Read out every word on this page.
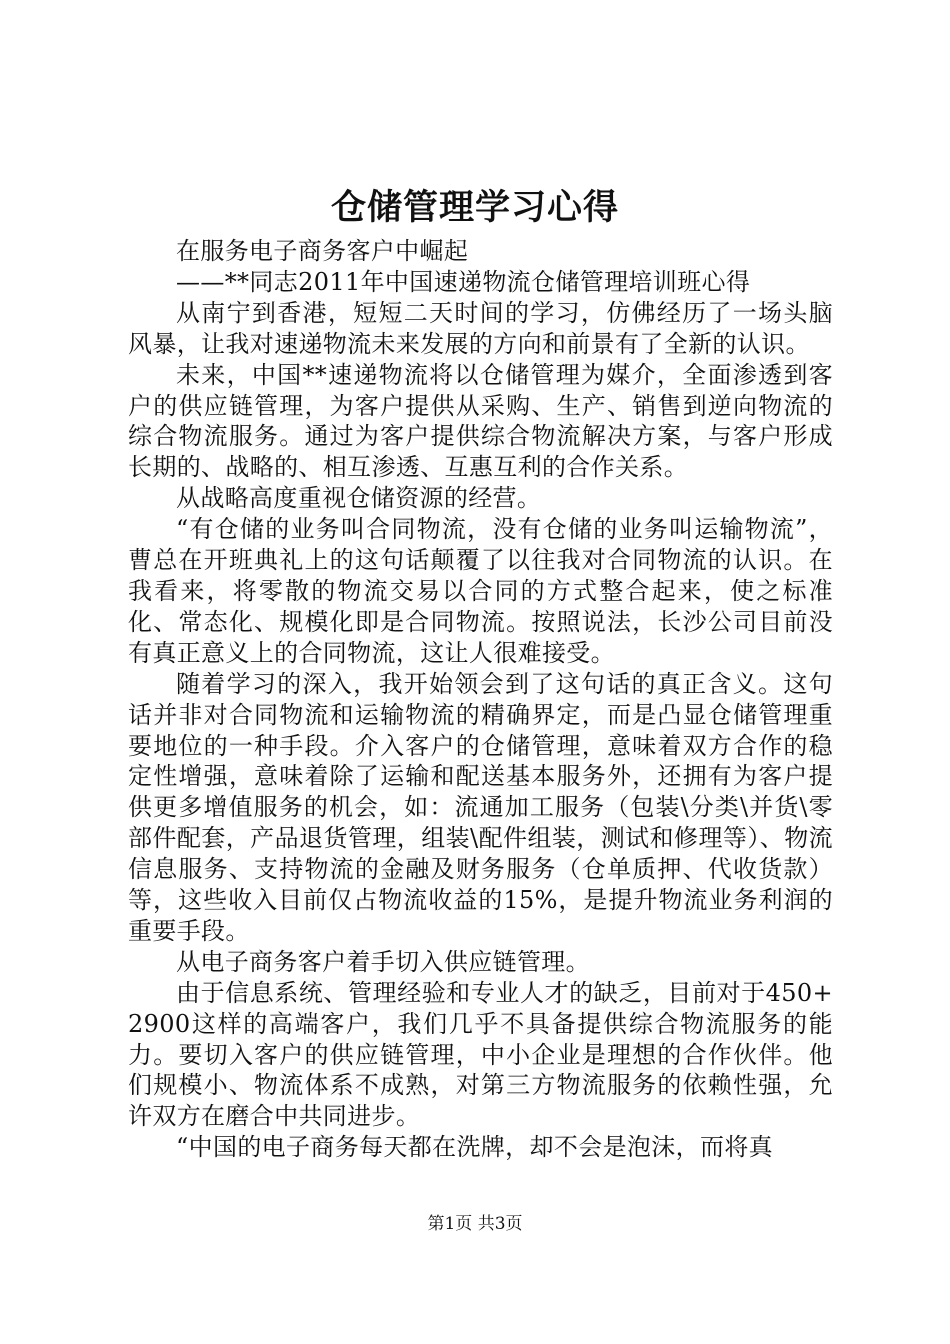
仓储管理学习心得

在服务电子商务客户中崛起

——**同志2011年中国速递物流仓储管理培训班心得

从南宁到香港，短短二天时间的学习，仿佛经历了一场头脑风暴，让我对速递物流未来发展的方向和前景有了全新的认识。

未来，中国**速递物流将以仓储管理为媒介，全面渗透到客户的供应链管理，为客户提供从采购、生产、销售到逆向物流的综合物流服务。通过为客户提供综合物流解决方案，与客户形成长期的、战略的、相互渗透、互惠互利的合作关系。

从战略高度重视仓储资源的经营。

“有仓储的业务叫合同物流，没有仓储的业务叫运输物流”，曹总在开班典礼上的这句话颠覆了以往我对合同物流的认识。在我看来，将零散的物流交易以合同的方式整合起来，使之标准化、常态化、规模化即是合同物流。按照说法，长沙公司目前没有真正意义上的合同物流，这让人很难接受。

随着学习的深入，我开始领会到了这句话的真正含义。这句话并非对合同物流和运输物流的精确界定，而是凸显仓储管理重要地位的一种手段。介入客户的仓储管理，意味着双方合作的稳定性增强，意味着除了运输和配送基本服务外，还拥有为客户提供更多增值服务的机会，如：流通加工服务（包装\分类\并货\零部件配套，产品退货管理，组装\配件组装，测试和修理等）、物流信息服务、支持物流的金融及财务服务（仓单质押、代收货款）等，这些收入目前仅占物流收益的15%，是提升物流业务利润的重要手段。

从电子商务客户着手切入供应链管理。

由于信息系统、管理经验和专业人才的缺乏，目前对于450+2900这样的高端客户，我们几乎不具备提供综合物流服务的能力。要切入客户的供应链管理，中小企业是理想的合作伙伴。他们规模小、物流体系不成熟，对第三方物流服务的依赖性强，允许双方在磨合中共同进步。

“中国的电子商务每天都在洗牌，却不会是泡沫，而将真

第1页 共3页
